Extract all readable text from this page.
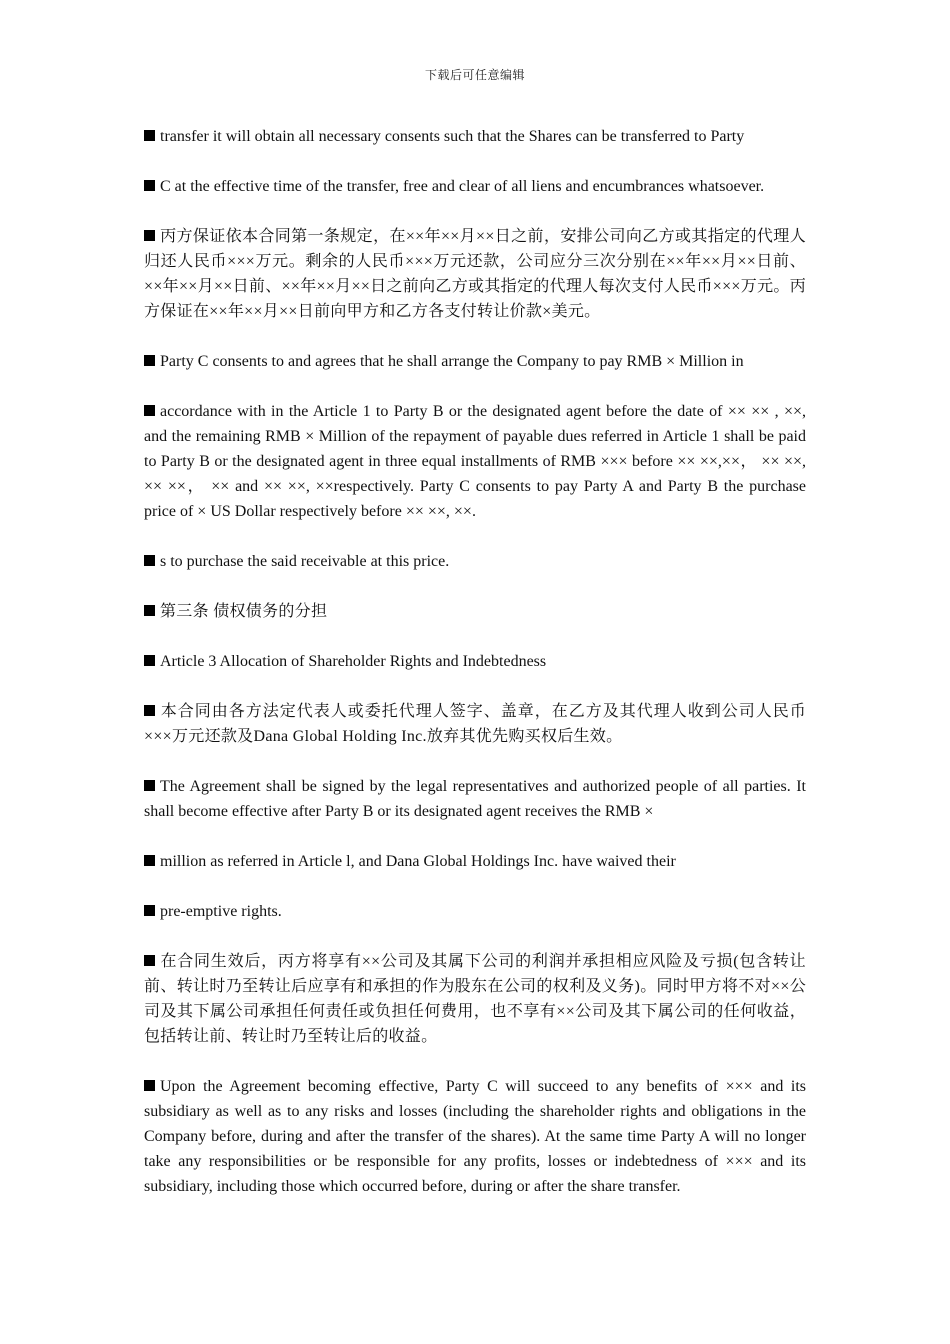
下载后可任意编辑

transfer it will obtain all necessary consents such that the Shares can be transferred to Party

C at the effective time of the transfer, free and clear of all liens and encumbrances whatsoever.

丙方保证依本合同第一条规定，在××年××月××日之前，安排公司向乙方或其指定的代理人归还人民币×××万元。剩余的人民币×××万元还款，公司应分三次分别在××年××月××日前、××年××月××日前、××年××月××日之前向乙方或其指定的代理人每次支付人民币×××万元。丙方保证在××年××月××日前向甲方和乙方各支付转让价款×美元。

Party C consents to and agrees that he shall arrange the Company to pay RMB × Million in

accordance with in the Article 1 to Party B or the designated agent before the date of ×× ×× , ××, and the remaining RMB × Million of the repayment of payable dues referred in Article 1 shall be paid to Party B or the designated agent in three equal installments of RMB ××× before ×× ××,××， ×× ××, ×× ××， ×× and ×× ××, ××respectively. Party C consents to pay Party A and Party B the purchase price of × US Dollar respectively before ×× ××, ××.

s to purchase the said receivable at this price.

第三条 债权债务的分担

Article 3 Allocation of Shareholder Rights and Indebtedness

本合同由各方法定代表人或委托代理人签字、盖章，在乙方及其代理人收到公司人民币×××万元还款及Dana Global Holding Inc.放弃其优先购买权后生效。

The Agreement shall be signed by the legal representatives and authorized people of all parties. It shall become effective after Party B or its designated agent receives the RMB ×

million as referred in Article l, and Dana Global Holdings Inc. have waived their

pre-emptive rights.

在合同生效后，丙方将享有××公司及其属下公司的利润并承担相应风险及亏损(包含转让前、转让时乃至转让后应享有和承担的作为股东在公司的权利及义务)。同时甲方将不对××公司及其下属公司承担任何责任或负担任何费用，也不享有××公司及其下属公司的任何收益，包括转让前、转让时乃至转让后的收益。

Upon the Agreement becoming effective, Party C will succeed to any benefits of ××× and its subsidiary as well as to any risks and losses (including the shareholder rights and obligations in the Company before, during and after the transfer of the shares). At the same time Party A will no longer take any responsibilities or be responsible for any profits, losses or indebtedness of ××× and its subsidiary, including those which occurred before, during or after the share transfer.
